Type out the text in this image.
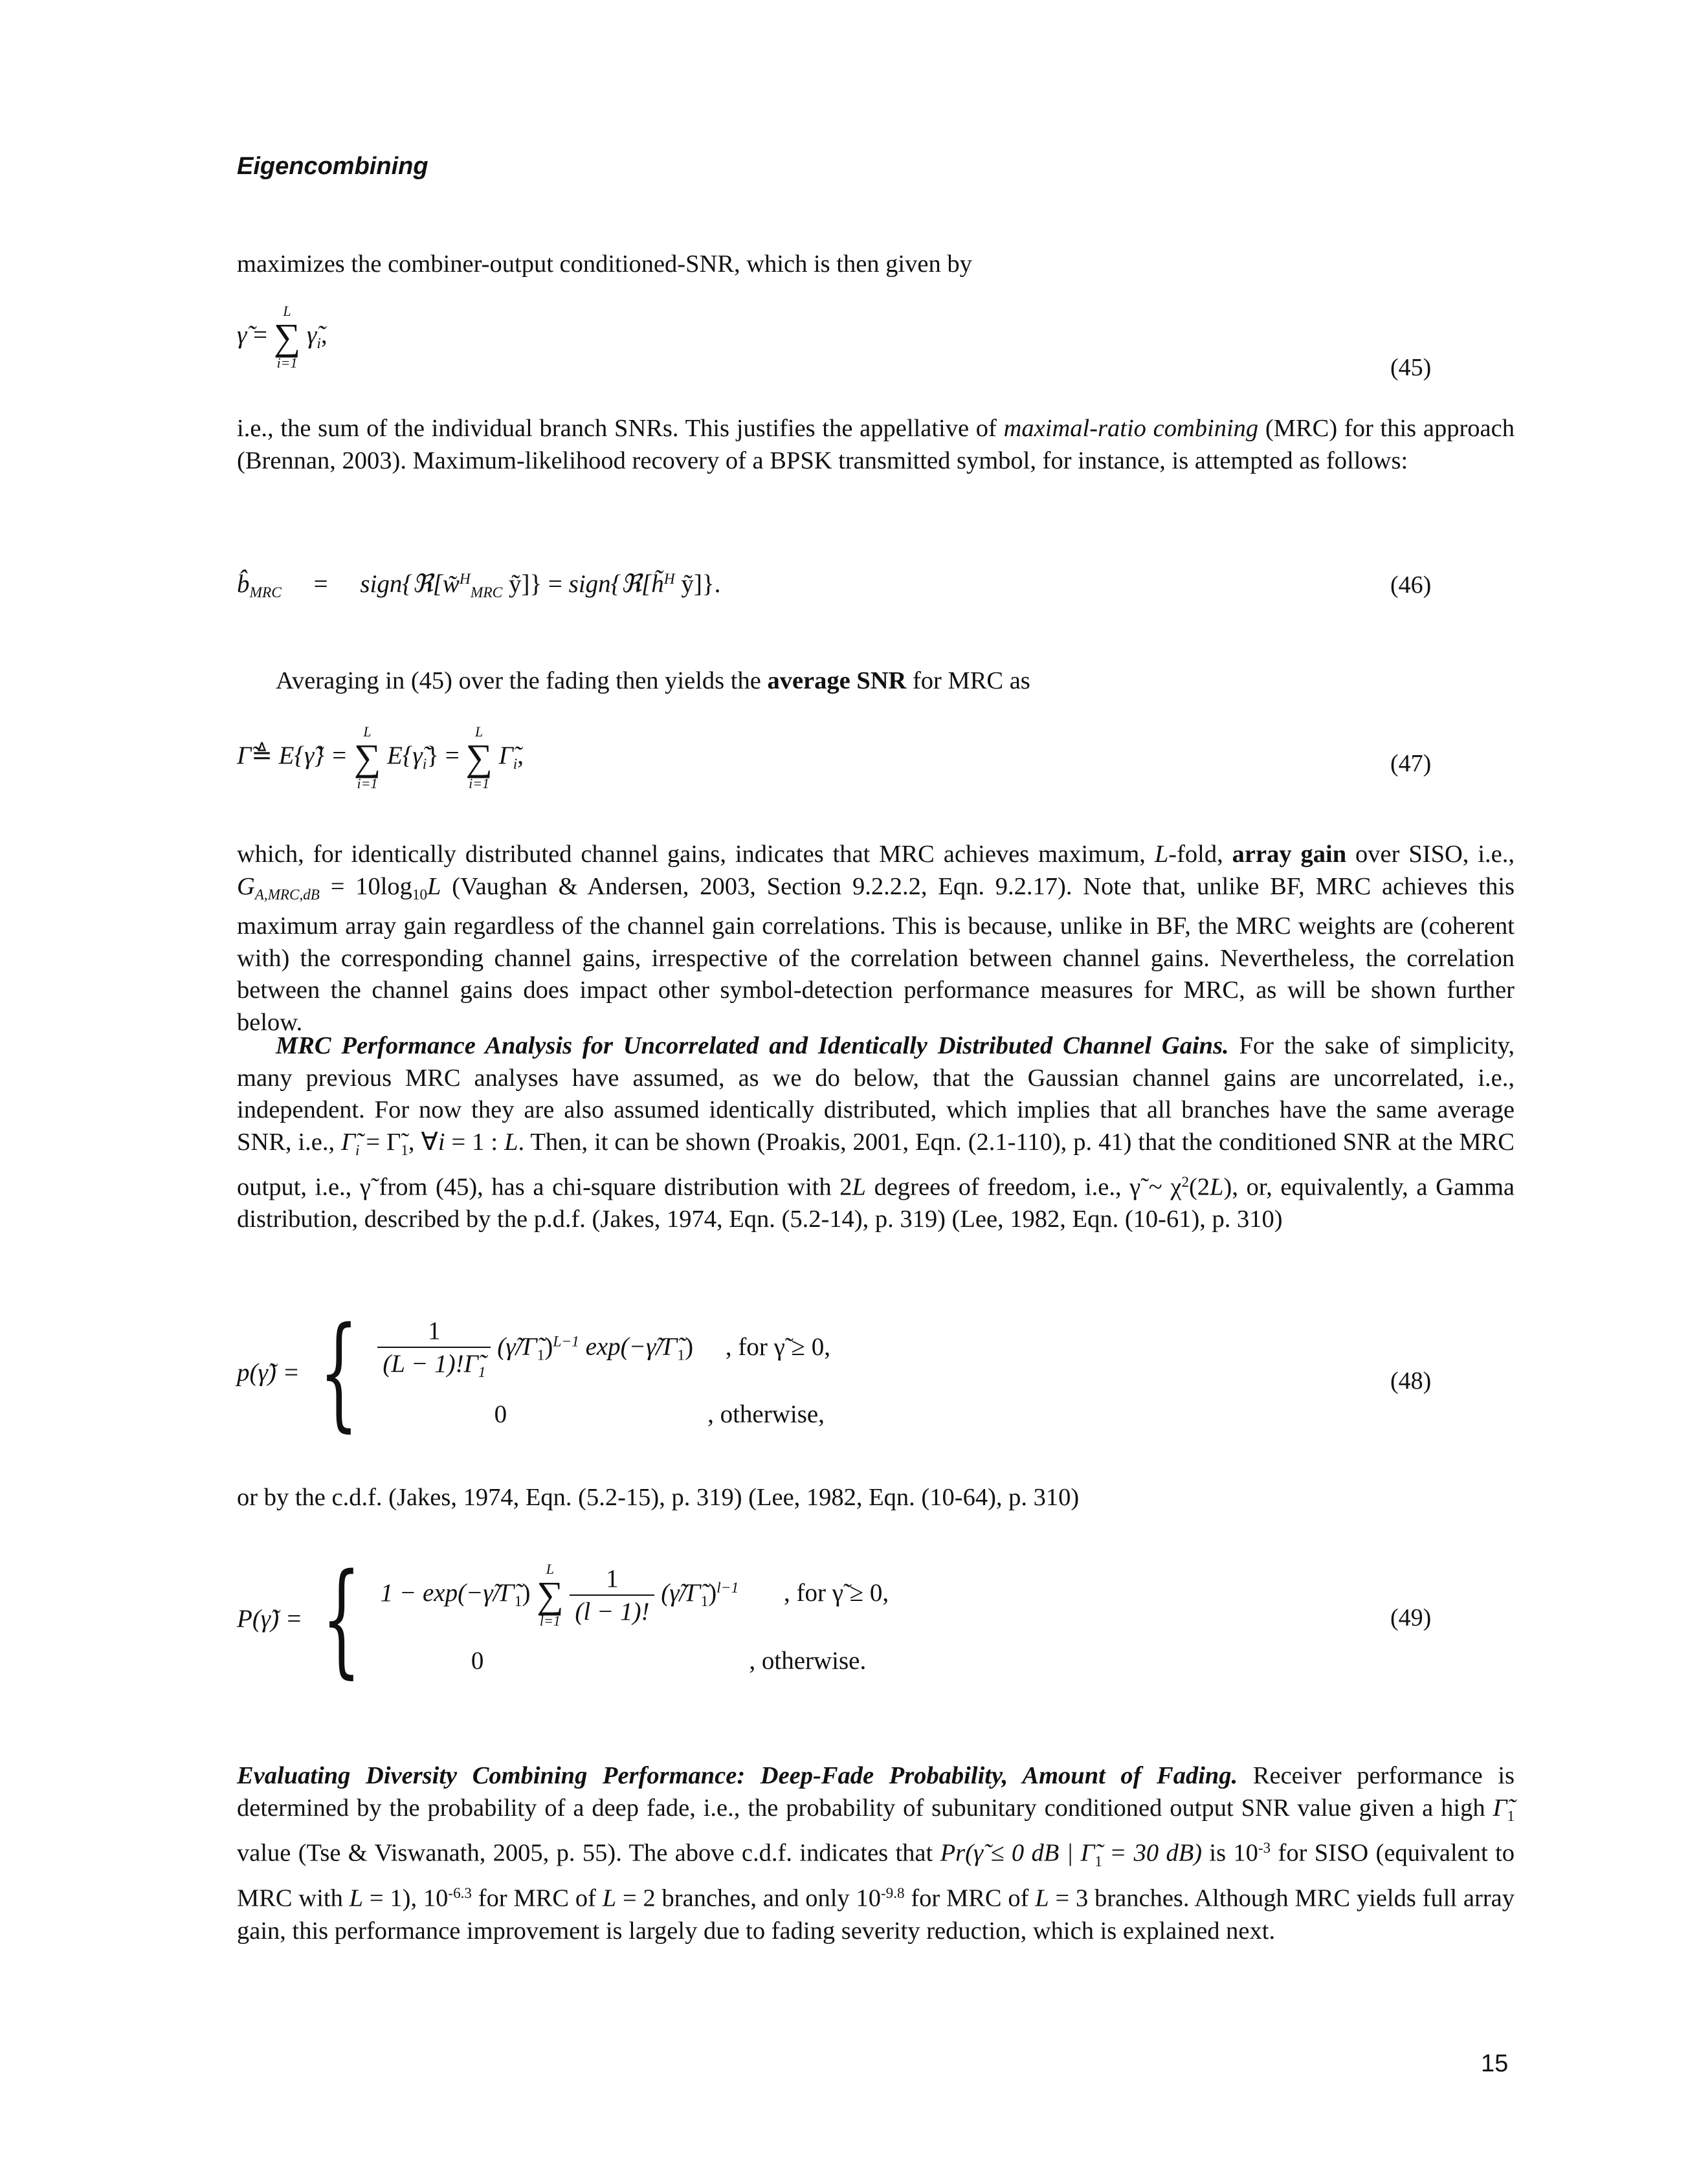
Eigencombining
maximizes the combiner-output conditioned-SNR, which is then given by
γ̃ =
L
∑
i=1
$\gammã_i$,
(45)
i.e., the sum of the individual branch SNRs. This justifies the appellative of maximal-ratio combining (MRC) for this approach (Brennan, 2003). Maximum-likelihood recovery of a BPSK transmitted symbol, for instance, is attempted as follows:
$b̂_{MRC}$ = sign{ℜ[w̃$^H_{MRC}$ ỹ]} = sign{ℜ[h̃$^H$ ỹ]}.	(46)
Averaging in (45) over the fading then yields the average SNR for MRC as
Γ̃≜ E{γ̃} =
L
∑
i=1
$E\{\gammã_i\}$ =
L
∑
i=1
$\Gammã_i$,	(47)
which, for identically distributed channel gains, indicates that MRC achieves maximum, L-fold, array gain over SISO, i.e., $G_{A,MRC,dB} = 10\log_{10}L$ (Vaughan & Andersen, 2003, Section 9.2.2.2, Eqn. 9.2.17). Note that, unlike BF, MRC achieves this maximum array gain regardless of the channel gain correlations. This is because, unlike in BF, the MRC weights are (coherent with) the corresponding channel gains, irrespective of the correlation between channel gains. Nevertheless, the correlation between the channel gains does impact other symbol-detection performance measures for MRC, as will be shown further below.
MRC Performance Analysis for Uncorrelated and Identically Distributed Channel Gains. For the sake of simplicity, many previous MRC analyses have assumed, as we do below, that the Gaussian channel gains are uncorrelated, i.e., independent. For now they are also assumed identically distributed, which implies that all branches have the same average SNR, i.e., $\Gammã_i$ = $\Gammã_1$, ∀i = 1 : L. Then, it can be shown (Proakis, 2001, Eqn. (2.1-110), p. 41) that the conditioned SNR at the MRC output, i.e., γ̃ from (45), has a chi-square distribution with 2L degrees of freedom, i.e., γ̃ ~ $\chi^2(2L)$, or, equivalently, a Gamma distribution, described by the p.d.f. (Jakes, 1974, Eqn. (5.2-14), p. 319) (Lee, 1982, Eqn. (10-61), p. 310)
p(γ̃) = { $\frac{1}{(L - 1)!\Gammã_1}$ $(\gammã/\Gammã_1)^{L-1}$ $\exp(-\gammã/\Gammã_1)$ , for γ̃ ≥ 0,
0	, otherwise,
(48)
or by the c.d.f. (Jakes, 1974, Eqn. (5.2-15), p. 319) (Lee, 1982, Eqn. (10-64), p. 310)
P(γ̃) = { $1 - \exp(-\gammã/\Gammã_1)$
L
∑
l=1
$\frac{1}{(l - 1)!}$ $(\gammã/\Gammã_1)^{l-1}$ , for γ̃ ≥ 0,
0	, otherwise.
(49)
Evaluating Diversity Combining Performance: Deep-Fade Probability, Amount of Fading. Receiver performance is determined by the probability of a deep fade, i.e., the probability of subunitary conditioned output SNR value given a high $\Gammã_1$ value (Tse & Viswanath, 2005, p. 55). The above c.d.f. indicates that Pr(γ̃ ≤ 0 dB | $\Gammã_1 = 30$ dB) is $10^{-3}$ for SISO (equivalent to MRC with L = 1), $10^{-6.3}$ for MRC of L = 2 branches, and only $10^{-9.8}$ for MRC of L = 3 branches. Although MRC yields full array gain, this performance improvement is largely due to fading severity reduction, which is explained next.
15
